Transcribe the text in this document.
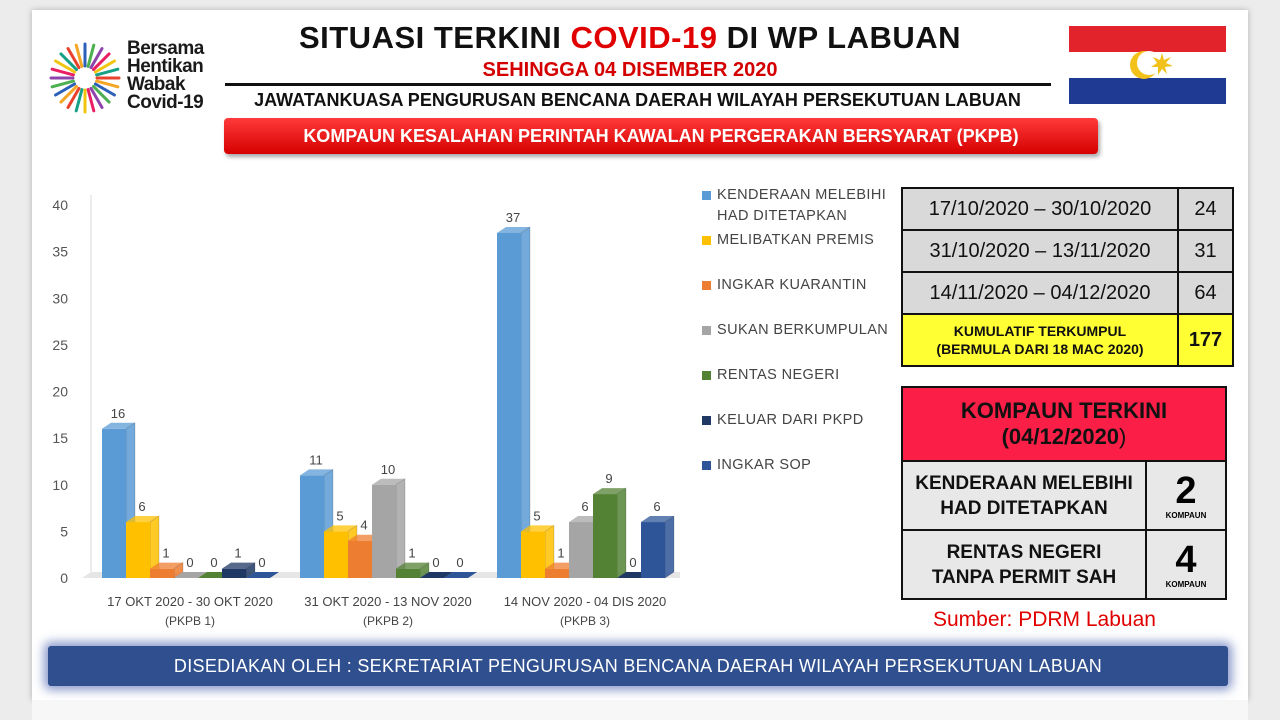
Bersama
Hentikan
Wabak
Covid-19
SITUASI TERKINI COVID-19 DI WP LABUAN
SEHINGGA 04 DISEMBER 2020
JAWATANKUASA PENGURUSAN BENCANA DAERAH WILAYAH PERSEKUTUAN LABUAN
KOMPAUN KESALAHAN PERINTAH KAWALAN PERGERAKAN BERSYARAT (PKPB)
0
5
10
15
20
25
30
35
40
16
6
1
0 0
1
0
17 OKT 2020 - 30 OKT 2020
(PKPB 1)
11
5
4
10
1
0 0
31 OKT 2020 - 13 NOV 2020
(PKPB 2)
37
5
1
6
9
0
6
14 NOV 2020 - 04 DIS 2020
(PKPB 3)
KENDERAAN MELEBIHI
HAD DITETAPKAN
MELIBATKAN PREMIS
INGKAR KUARANTIN
SUKAN BERKUMPULAN
RENTAS NEGERI
KELUAR DARI PKPD
INGKAR SOP
17/10/2020 – 30/10/2020	24
31/10/2020 – 13/11/2020	31
14/11/2020 – 04/12/2020	64
KUMULATIF TERKUMPUL
(BERMULA DARI 18 MAC 2020)	177
KOMPAUN TERKINI
(04/12/2020)	
KENDERAAN MELEBIHI
HAD DITETAPKAN	2
KOMPAUN

RENTAS NEGERI
TANPA PERMIT SAH	4
KOMPAUN
Sumber: PDRM Labuan
DISEDIAKAN OLEH : SEKRETARIAT PENGURUSAN BENCANA DAERAH WILAYAH PERSEKUTUAN LABUAN
